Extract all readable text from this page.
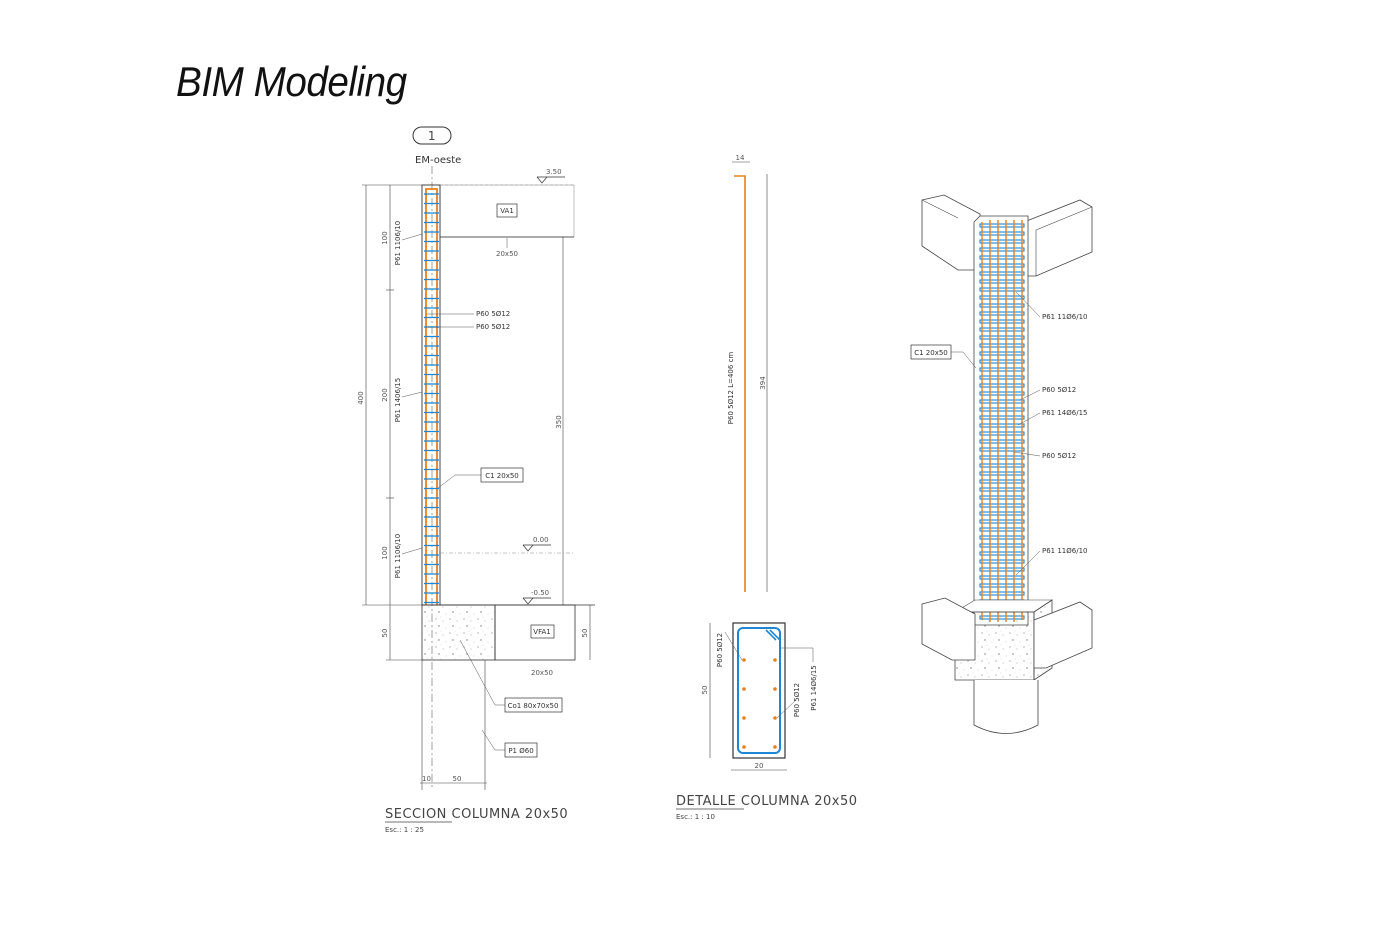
BIM Modeling
1
EM-oeste
3.50
VA1
20x50
400
100
200
100
50
P61 1106/10
P61 1406/15
P61 1106/10
P60 5Ø12
P60 5Ø12
C1 20x50
350
0.00
-0.50
VFA1
20x50
50
Co1 80x70x50
P1 Ø60
10	50
SECCION COLUMNA 20x50
Esc.: 1 : 25
14
P60 5Ø12 L=406 cm	394
P60 5Ø12
P60 5Ø12 P61 14Ø6/15
50
20
DETALLE COLUMNA 20x50
Esc.: 1 : 10
C1 20x50
P61 11Ø6/10
P60 5Ø12
P61 14Ø6/15
P60 5Ø12
P61 11Ø6/10
